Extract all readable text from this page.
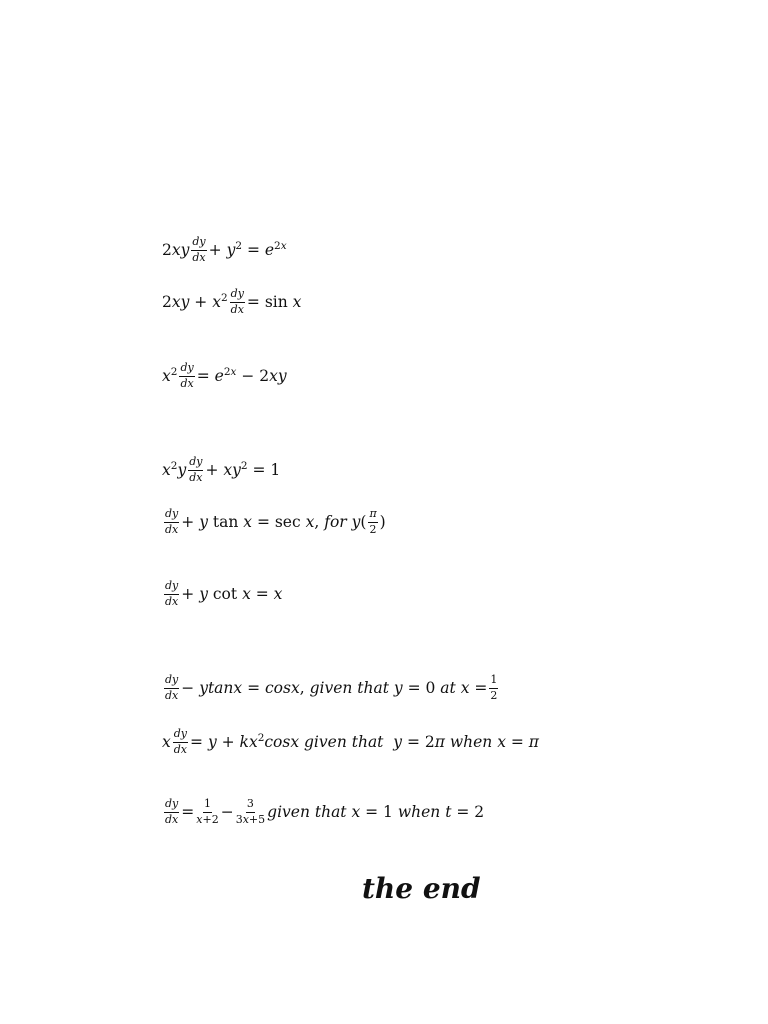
$2xy \frac{dy}{dx} + y^2 = e^{2x}$
$2xy + x^2 \frac{dy}{dx} = \sin x$
$x^2 \frac{dy}{dx} = e^{2x} - 2xy$
$x^2y \frac{dy}{dx} + xy^2 = 1$
$\frac{dy}{dx} + y$ tan x = sec x, for $y( \frac{\pi}{2}$ )
$\frac{dy}{dx} + y$ cot x = x
$\frac{dy}{dx} - ytanx = \cos x$, given that y = 0 at $x = \frac{1}{2}$
x $\frac{dy}{dx} = y + kx^2\cos x$ given that y = 2π when x = π
$\frac{dy}{dx} = \frac{1}{x+2} - \frac{3}{3x+5}$ given that x = 1 when t = 2
the end
